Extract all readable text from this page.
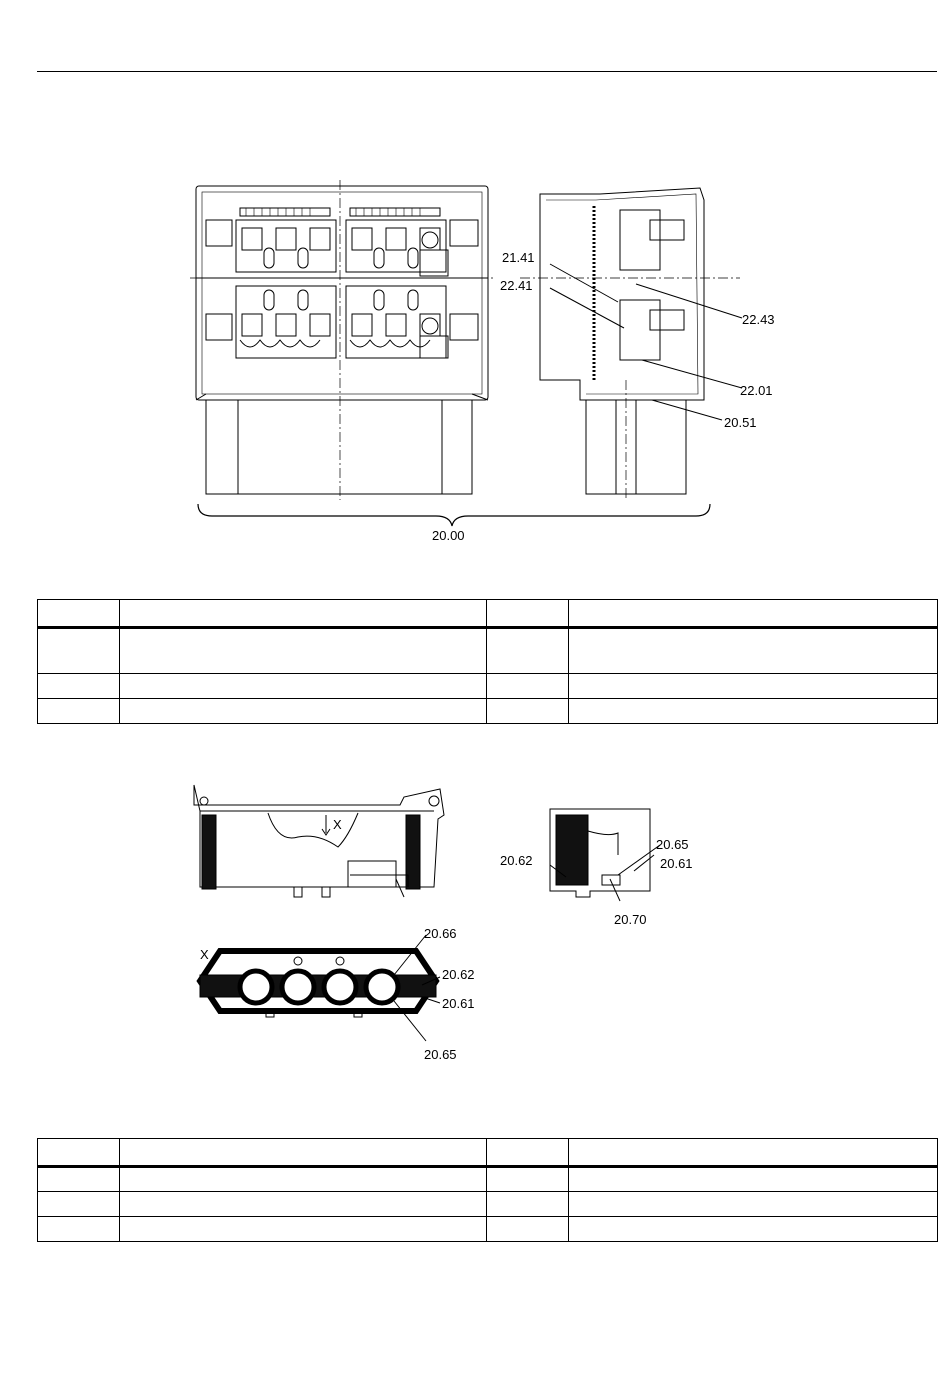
21.41
22.41
22.43
22.01
20.51
20.00

X
20.65
20.61
20.62
20.70
X
20.66
20.62
20.61
20.65
